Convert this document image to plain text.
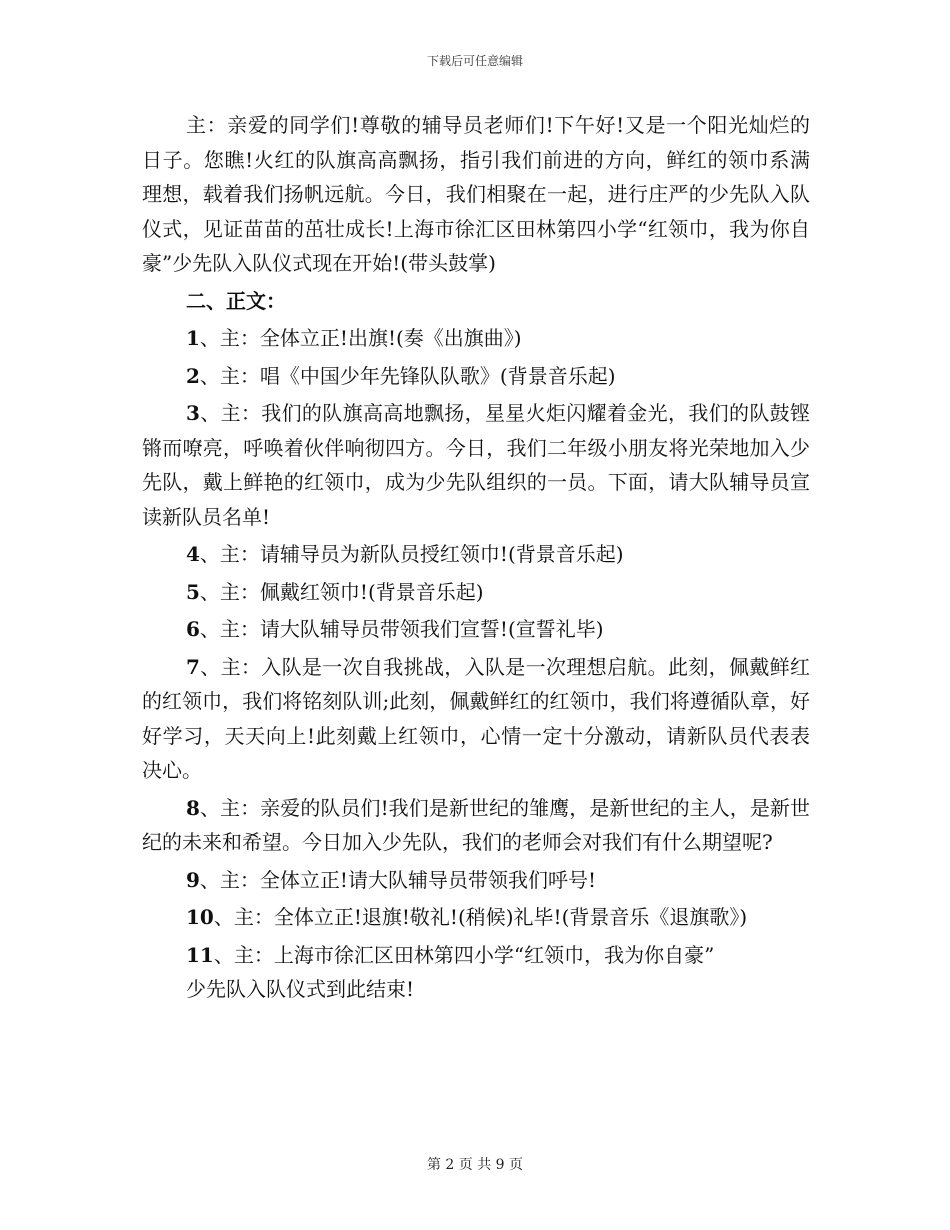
下载后可任意编辑

主：亲爱的同学们!尊敬的辅导员老师们!下午好!又是一个阳光灿烂的日子。您瞧!火红的队旗高高飘扬，指引我们前进的方向，鲜红的领巾系满理想，载着我们扬帆远航。今日，我们相聚在一起，进行庄严的少先队入队仪式，见证苗苗的茁壮成长!上海市徐汇区田林第四小学“红领巾，我为你自豪”少先队入队仪式现在开始!(带头鼓掌)

二、正文：

1、主：全体立正!出旗!(奏《出旗曲》)

2、主：唱《中国少年先锋队队歌》(背景音乐起)

3、主：我们的队旗高高地飘扬，星星火炬闪耀着金光，我们的队鼓铿锵而嘹亮，呼唤着伙伴响彻四方。今日，我们二年级小朋友将光荣地加入少先队，戴上鲜艳的红领巾，成为少先队组织的一员。下面，请大队辅导员宣读新队员名单!

4、主：请辅导员为新队员授红领巾!(背景音乐起)

5、主：佩戴红领巾!(背景音乐起)

6、主：请大队辅导员带领我们宣誓!(宣誓礼毕)

7、主：入队是一次自我挑战，入队是一次理想启航。此刻，佩戴鲜红的红领巾，我们将铭刻队训;此刻，佩戴鲜红的红领巾，我们将遵循队章，好好学习，天天向上!此刻戴上红领巾，心情一定十分激动，请新队员代表表决心。

8、主：亲爱的队员们!我们是新世纪的雏鹰，是新世纪的主人，是新世纪的未来和希望。今日加入少先队，我们的老师会对我们有什么期望呢?

9、主：全体立正!请大队辅导员带领我们呼号!

10、主：全体立正!退旗!敬礼!(稍候)礼毕!(背景音乐《退旗歌》)

11、主：上海市徐汇区田林第四小学“红领巾，我为你自豪”
少先队入队仪式到此结束!

第 2 页 共 9 页
